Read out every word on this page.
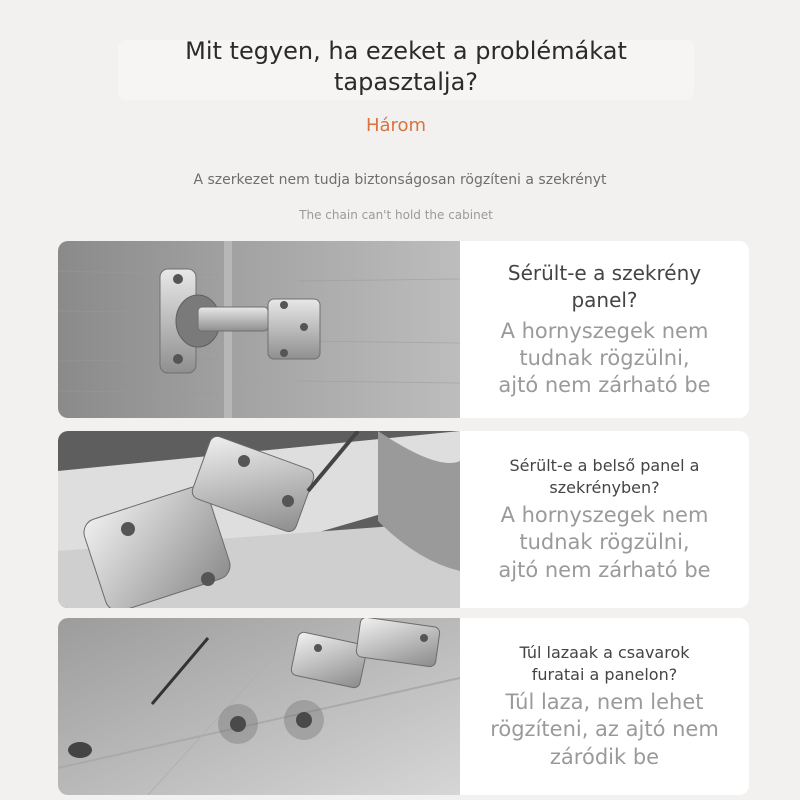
Mit tegyen, ha ezeket a problémákat
tapasztalja?
Három
A szerkezet nem tudja biztonságosan rögzíteni a szekrényt
The chain can't hold the cabinet
Sérült-e a szekrény
panel?
A hornyszegek nem
tudnak rögzülni,
ajtó nem zárható be
Sérült-e a belső panel a
szekrényben?
A hornyszegek nem
tudnak rögzülni,
ajtó nem zárható be
Túl lazaak a csavarok
furatai a panelon?
Túl laza, nem lehet
rögzíteni, az ajtó nem
záródik be
